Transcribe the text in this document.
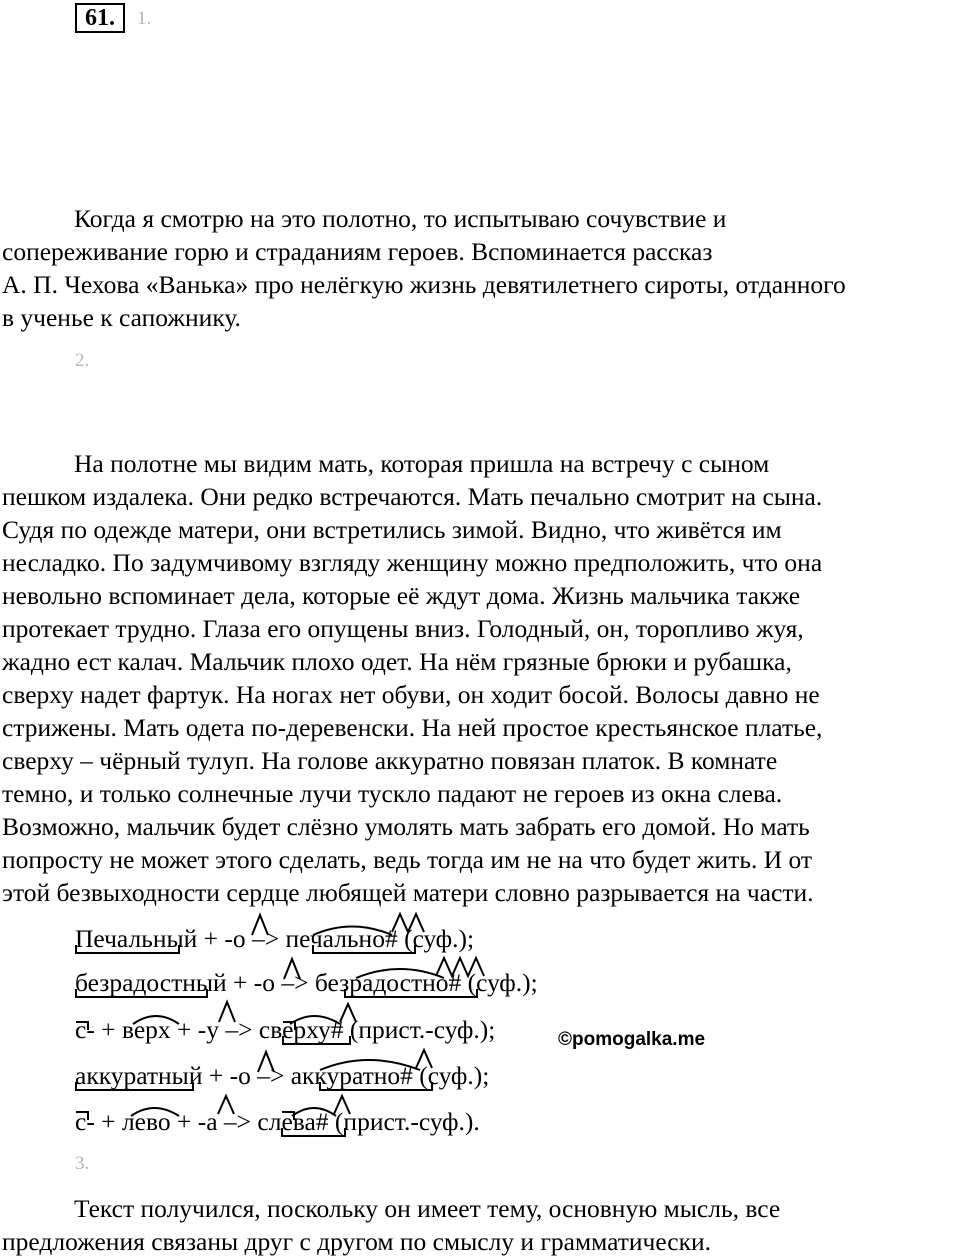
61.	1.
Когда я смотрю на это полотно, то испытываю сочувствие и
сопереживание горю и страданиям героев. Вспоминается рассказ
А. П. Чехова «Ванька» про нелёгкую жизнь девятилетнего сироты, отданного
в ученье к сапожнику.
2.
На полотне мы видим мать, которая пришла на встречу с сыном
пешком издалека. Они редко встречаются. Мать печально смотрит на сына.
Судя по одежде матери, они встретились зимой. Видно, что живётся им
несладко. По задумчивому взгляду женщину можно предположить, что она
невольно вспоминает дела, которые её ждут дома. Жизнь мальчика также
протекает трудно. Глаза его опущены вниз. Голодный, он, торопливо жуя,
жадно ест калач. Мальчик плохо одет. На нём грязные брюки и рубашка,
сверху надет фартук. На ногах нет обуви, он ходит босой. Волосы давно не
стрижены. Мать одета по-деревенски. На ней простое крестьянское платье,
сверху – чёрный тулуп. На голове аккуратно повязан платок. В комнате
темно, и только солнечные лучи тускло падают не героев из окна слева.
Возможно, мальчик будет слёзно умолять мать забрать его домой. Но мать
попросту не может этого сделать, ведь тогда им не на что будет жить. И от
этой безвыходности сердце любящей матери словно разрывается на части.
Печальный + -о –> печально# (суф.);
безрадостный + -о –> безрадостно# (суф.);
с- + верх + -у –> сверху# (прист.-суф.);
аккуратный + -о –> аккуратно# (суф.);
с- + лево + -а –> слева# (прист.-суф.).
©pomogalka.me
3.
Текст получился, поскольку он имеет тему, основную мысль, все
предложения связаны друг с другом по смыслу и грамматически.
